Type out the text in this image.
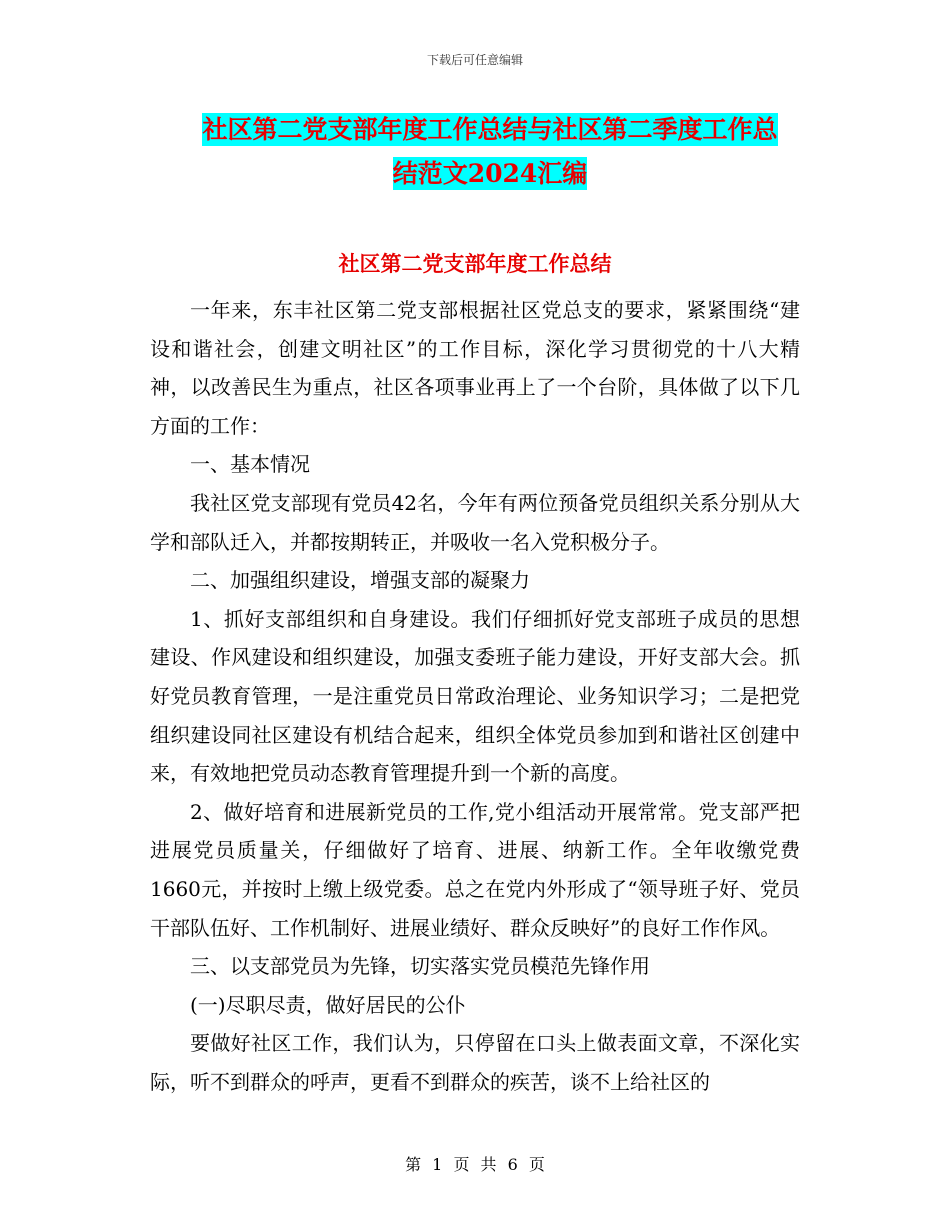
下载后可任意编辑
社区第二党支部年度工作总结与社区第二季度工作总
结范文2024汇编
社区第二党支部年度工作总结

一年来，东丰社区第二党支部根据社区党总支的要求，紧紧围绕“建设和谐社会，创建文明社区”的工作目标，深化学习贯彻党的十八大精神，以改善民生为重点，社区各项事业再上了一个台阶，具体做了以下几方面的工作：

一、基本情况

我社区党支部现有党员42名，今年有两位预备党员组织关系分别从大学和部队迁入，并都按期转正，并吸收一名入党积极分子。

二、加强组织建设，增强支部的凝聚力

1、抓好支部组织和自身建设。我们仔细抓好党支部班子成员的思想建设、作风建设和组织建设，加强支委班子能力建设，开好支部大会。抓好党员教育管理，一是注重党员日常政治理论、业务知识学习；二是把党组织建设同社区建设有机结合起来，组织全体党员参加到和谐社区创建中来，有效地把党员动态教育管理提升到一个新的高度。

2、做好培育和进展新党员的工作,党小组活动开展常常。党支部严把进展党员质量关，仔细做好了培育、进展、纳新工作。全年收缴党费1660元，并按时上缴上级党委。总之在党内外形成了“领导班子好、党员干部队伍好、工作机制好、进展业绩好、群众反映好”的良好工作作风。

三、以支部党员为先锋，切实落实党员模范先锋作用

(一)尽职尽责，做好居民的公仆

要做好社区工作，我们认为，只停留在口头上做表面文章，不深化实际，听不到群众的呼声，更看不到群众的疾苦，谈不上给社区的

第 1 页 共 6 页
